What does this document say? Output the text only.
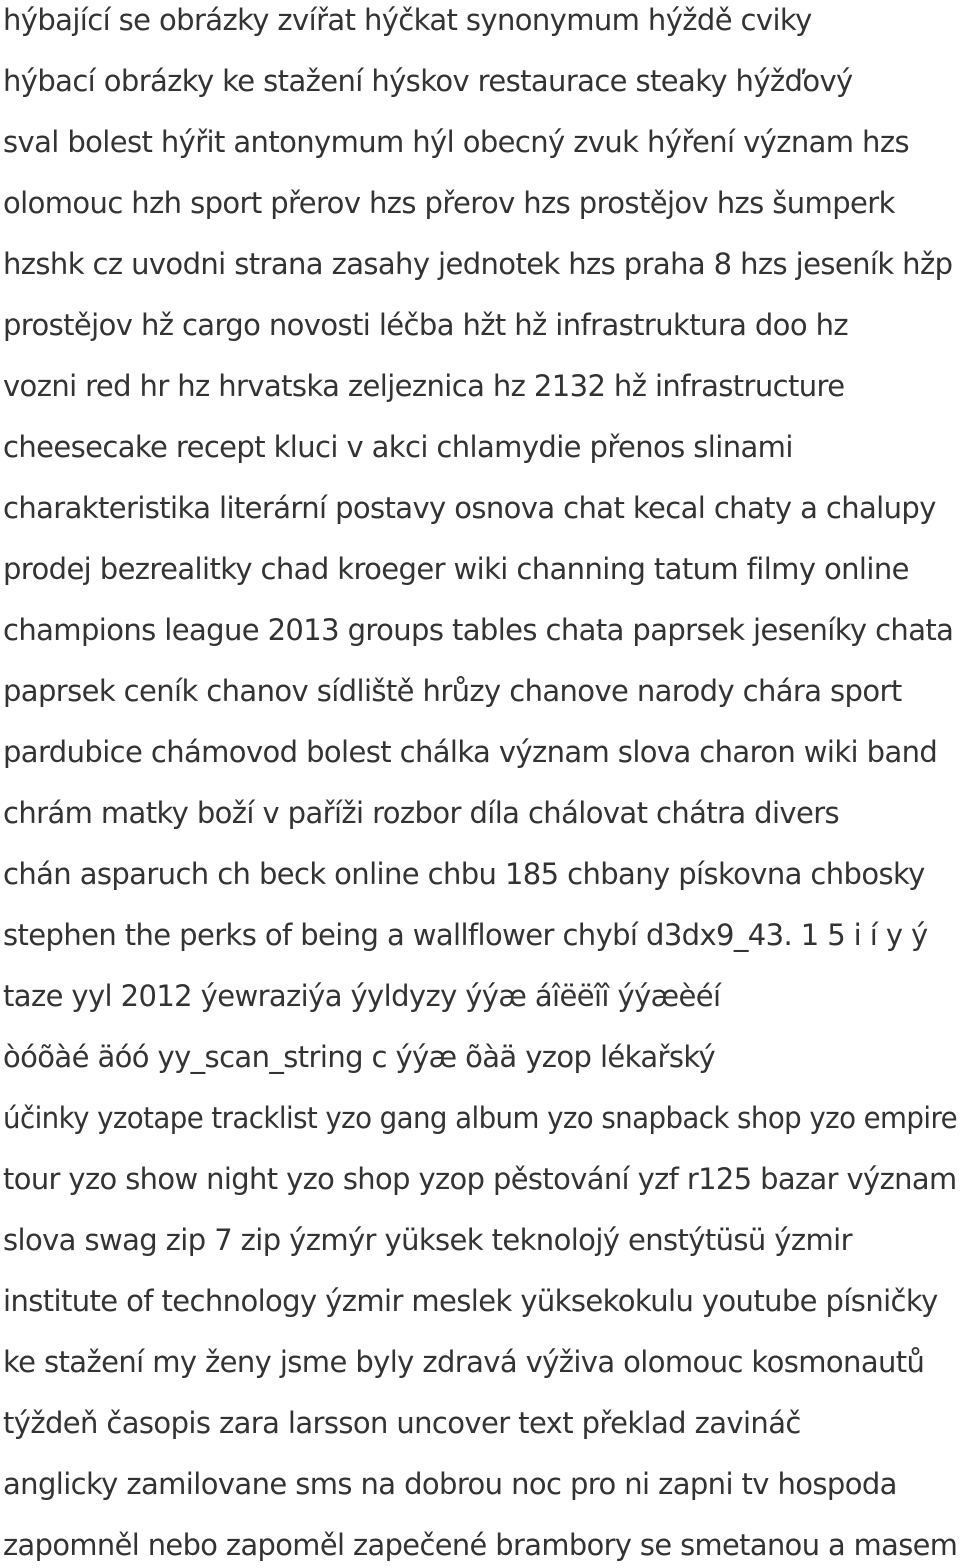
hýbající se obrázky zvířat hýčkat synonymum hýždě cviky
hýbací obrázky ke stažení hýskov restaurace steaky hýžďový
sval bolest hýřit antonymum hýl obecný zvuk hýření význam hzs
olomouc hzh sport přerov hzs přerov hzs prostějov hzs šumperk
hzshk cz uvodni strana zasahy jednotek hzs praha 8 hzs jeseník hžp
prostějov hž cargo novosti léčba hžt hž infrastruktura doo hz
vozni red hr hz hrvatska zeljeznica hz 2132 hž infrastructure
cheesecake recept kluci v akci chlamydie přenos slinami
charakteristika literární postavy osnova chat kecal chaty a chalupy
prodej bezrealitky chad kroeger wiki channing tatum filmy online
champions league 2013 groups tables chata paprsek jeseníky chata
paprsek ceník chanov sídliště hrůzy chanove narody chára sport
pardubice chámovod bolest chálka význam slova charon wiki band
chrám matky boží v paříži rozbor díla chálovat chátra divers
chán asparuch ch beck online chbu 185 chbany pískovna chbosky
stephen the perks of being a wallflower chybí d3dx9_43. 1 5 i í y ý
taze yyl 2012 ýewraziýa ýyldyzy ýýæ áîëëîî ýýæèéí
òóõàé äóó yy_scan_string c ýýæ õàä yzop lékařský
účinky yzotape tracklist yzo gang album yzo snapback shop yzo empire
tour yzo show night yzo shop yzop pěstování yzf r125 bazar význam
slova swag zip 7 zip ýzmýr yüksek teknolojý enstýtüsü ýzmir
institute of technology ýzmir meslek yüksekokulu youtube písničky
ke stažení my ženy jsme byly zdravá výživa olomouc kosmonautů
týždeň časopis zara larsson uncover text překlad zavináč
anglicky zamilovane sms na dobrou noc pro ni zapni tv hospoda
zapomněl nebo zapoměl zapečené brambory se smetanou a masem
